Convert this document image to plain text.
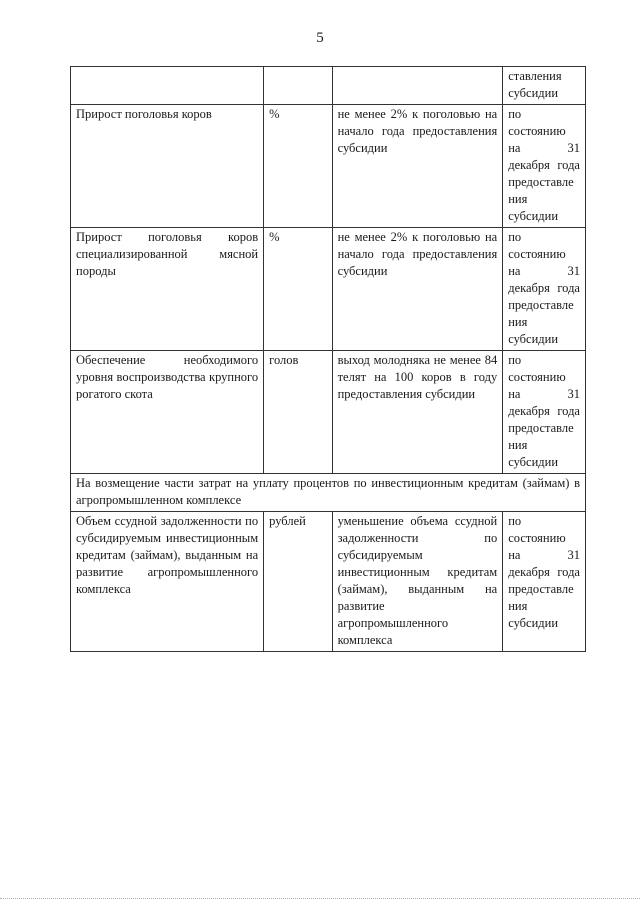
5

			ставления субсидии

Прирост поголовья коров	%	не менее 2% к поголовью на начало года предоставления субсидии	по состоянию на 31 декабря года предоставления субсидии

Прирост поголовья коров специализированной мясной породы	%	не менее 2% к поголовью на начало года предоставления субсидии	по состоянию на 31 декабря года предоставления субсидии

Обеспечение необходимого уровня воспроизводства крупного рогатого скота	голов	выход молодняка не менее 84 телят на 100 коров в году предоставления субсидии	по состоянию на 31 декабря года предоставления субсидии

На возмещение части затрат на уплату процентов по инвестиционным кредитам (займам) в агропромышленном комплексе			

Объем ссудной задолженности по субсидируемым инвестиционным кредитам (займам), выданным на развитие агропромышленного комплекса	рублей	уменьшение объема ссудной задолженности по субсидируемым инвестиционным кредитам (займам), выданным на развитие агропромышленного комплекса	по состоянию на 31 декабря года предоставления субсидии
